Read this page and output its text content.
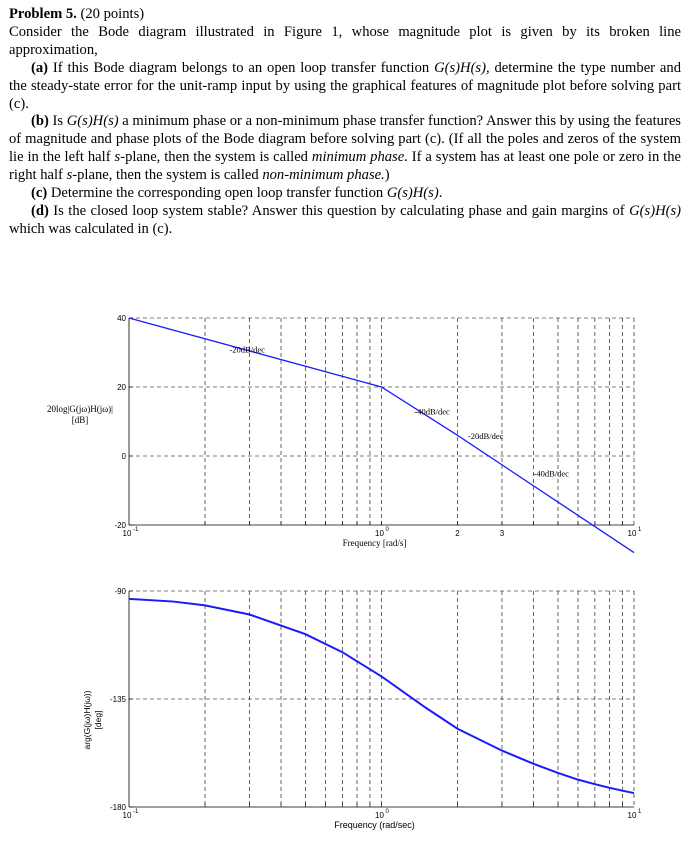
Problem 5. (20 points)
Consider the Bode diagram illustrated in Figure 1, whose magnitude plot is given by its broken line approximation,

(a) If this Bode diagram belongs to an open loop transfer function G(s)H(s), determine the type number and the steady-state error for the unit-ramp input by using the graphical features of magnitude plot before solving part (c).

(b) Is G(s)H(s) a minimum phase or a non-minimum phase transfer function? Answer this by using the features of magnitude and phase plots of the Bode diagram before solving part (c). (If all the poles and zeros of the system lie in the left half s-plane, then the system is called minimum phase. If a system has at least one pole or zero in the right half s-plane, then the system is called non-minimum phase.)

(c) Determine the corresponding open loop transfer function G(s)H(s).

(d) Is the closed loop system stable? Answer this question by calculating phase and gain margins of G(s)H(s) which was calculated in (c).

-20
0
20
40
10 -1	10 0	2	3	10 1
Frequency [rad/s]
-20dB/dec
-40dB/dec
-20dB/dec
-40dB/dec
20log|G(jω)H(jω)|
[dB]
-180
-135
-90
10 -1	10 0	10 1
Frequency (rad/sec)
arg(G(jω)H(jω)) [deg]
